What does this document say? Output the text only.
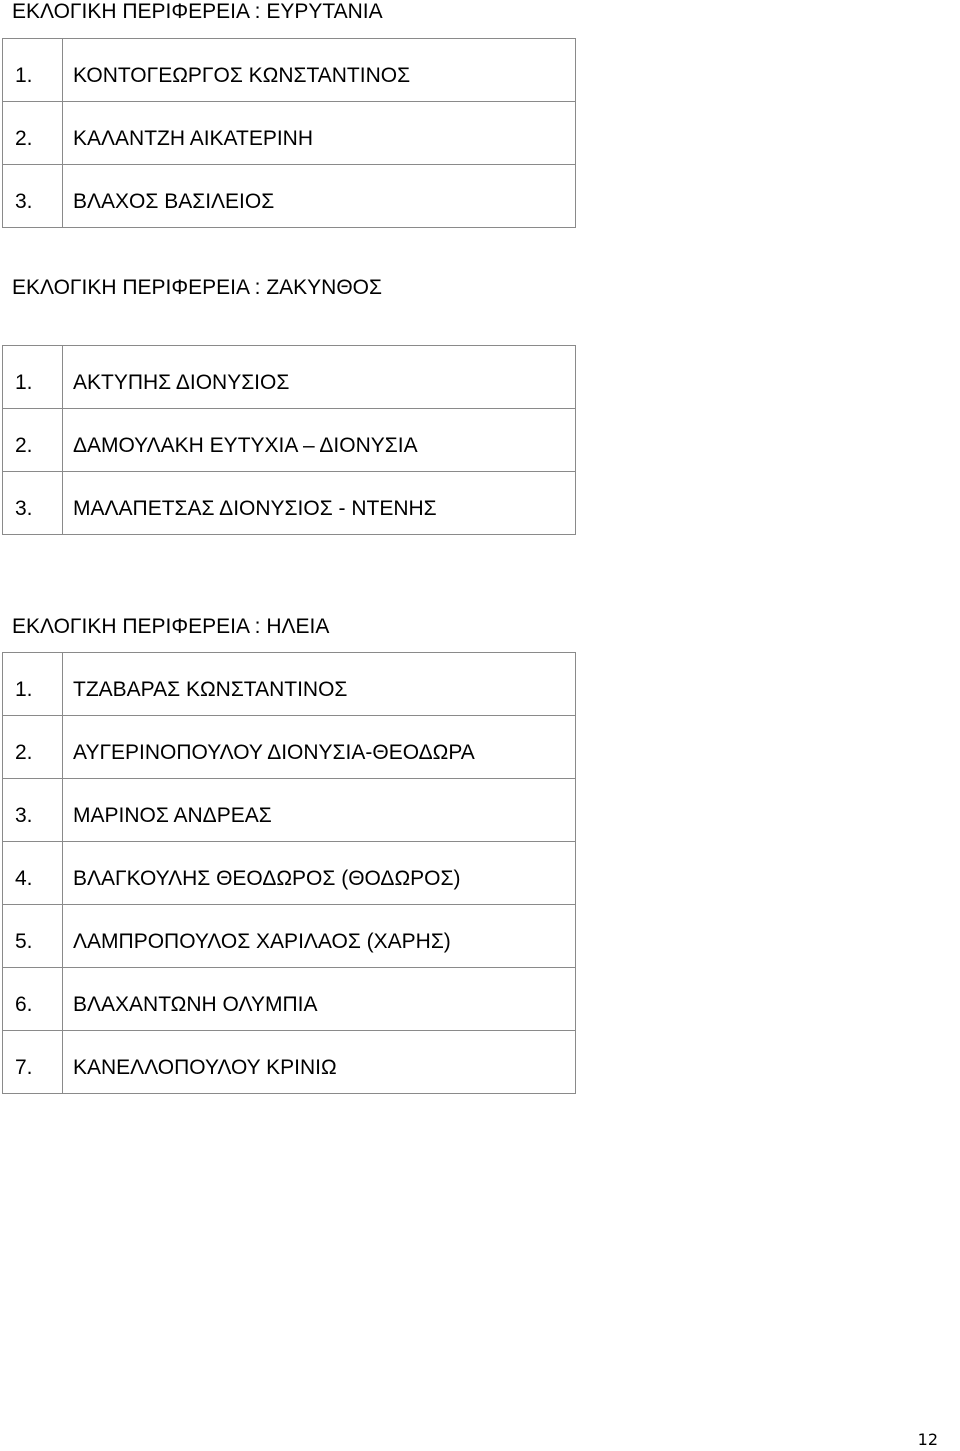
ΕΚΛΟΓΙΚΗ ΠΕΡΙΦΕΡΕΙΑ : ΕΥΡΥΤΑΝΙΑ
1.	ΚΟΝΤΟΓΕΩΡΓΟΣ ΚΩΝΣΤΑΝΤΙΝΟΣ
2.	ΚΑΛΑΝΤΖΗ ΑΙΚΑΤΕΡΙΝΗ
3.	ΒΛΑΧΟΣ ΒΑΣΙΛΕΙΟΣ
ΕΚΛΟΓΙΚΗ ΠΕΡΙΦΕΡΕΙΑ : ΖΑΚΥΝΘΟΣ
1.	ΑΚΤΥΠΗΣ ΔΙΟΝΥΣΙΟΣ
2.	ΔΑΜΟΥΛΑΚΗ ΕΥΤΥΧΙΑ – ΔΙΟΝΥΣΙΑ
3.	ΜΑΛΑΠΕΤΣΑΣ ΔΙΟΝΥΣΙΟΣ - ΝΤΕΝΗΣ
ΕΚΛΟΓΙΚΗ ΠΕΡΙΦΕΡΕΙΑ : ΗΛΕΙΑ
1.	ΤΖΑΒΑΡΑΣ ΚΩΝΣΤΑΝΤΙΝΟΣ
2.	ΑΥΓΕΡΙΝΟΠΟΥΛΟΥ ΔΙΟΝΥΣΙΑ-ΘΕΟΔΩΡΑ
3.	ΜΑΡΙΝΟΣ ΑΝΔΡΕΑΣ
4.	ΒΛΑΓΚΟΥΛΗΣ ΘΕΟΔΩΡΟΣ (ΘΟΔΩΡΟΣ)
5.	ΛΑΜΠΡΟΠΟΥΛΟΣ ΧΑΡΙΛΑΟΣ (ΧΑΡΗΣ)
6.	ΒΛΑΧΑΝΤΩΝΗ ΟΛΥΜΠΙΑ
7.	ΚΑΝΕΛΛΟΠΟΥΛΟΥ ΚΡΙΝΙΩ
12
